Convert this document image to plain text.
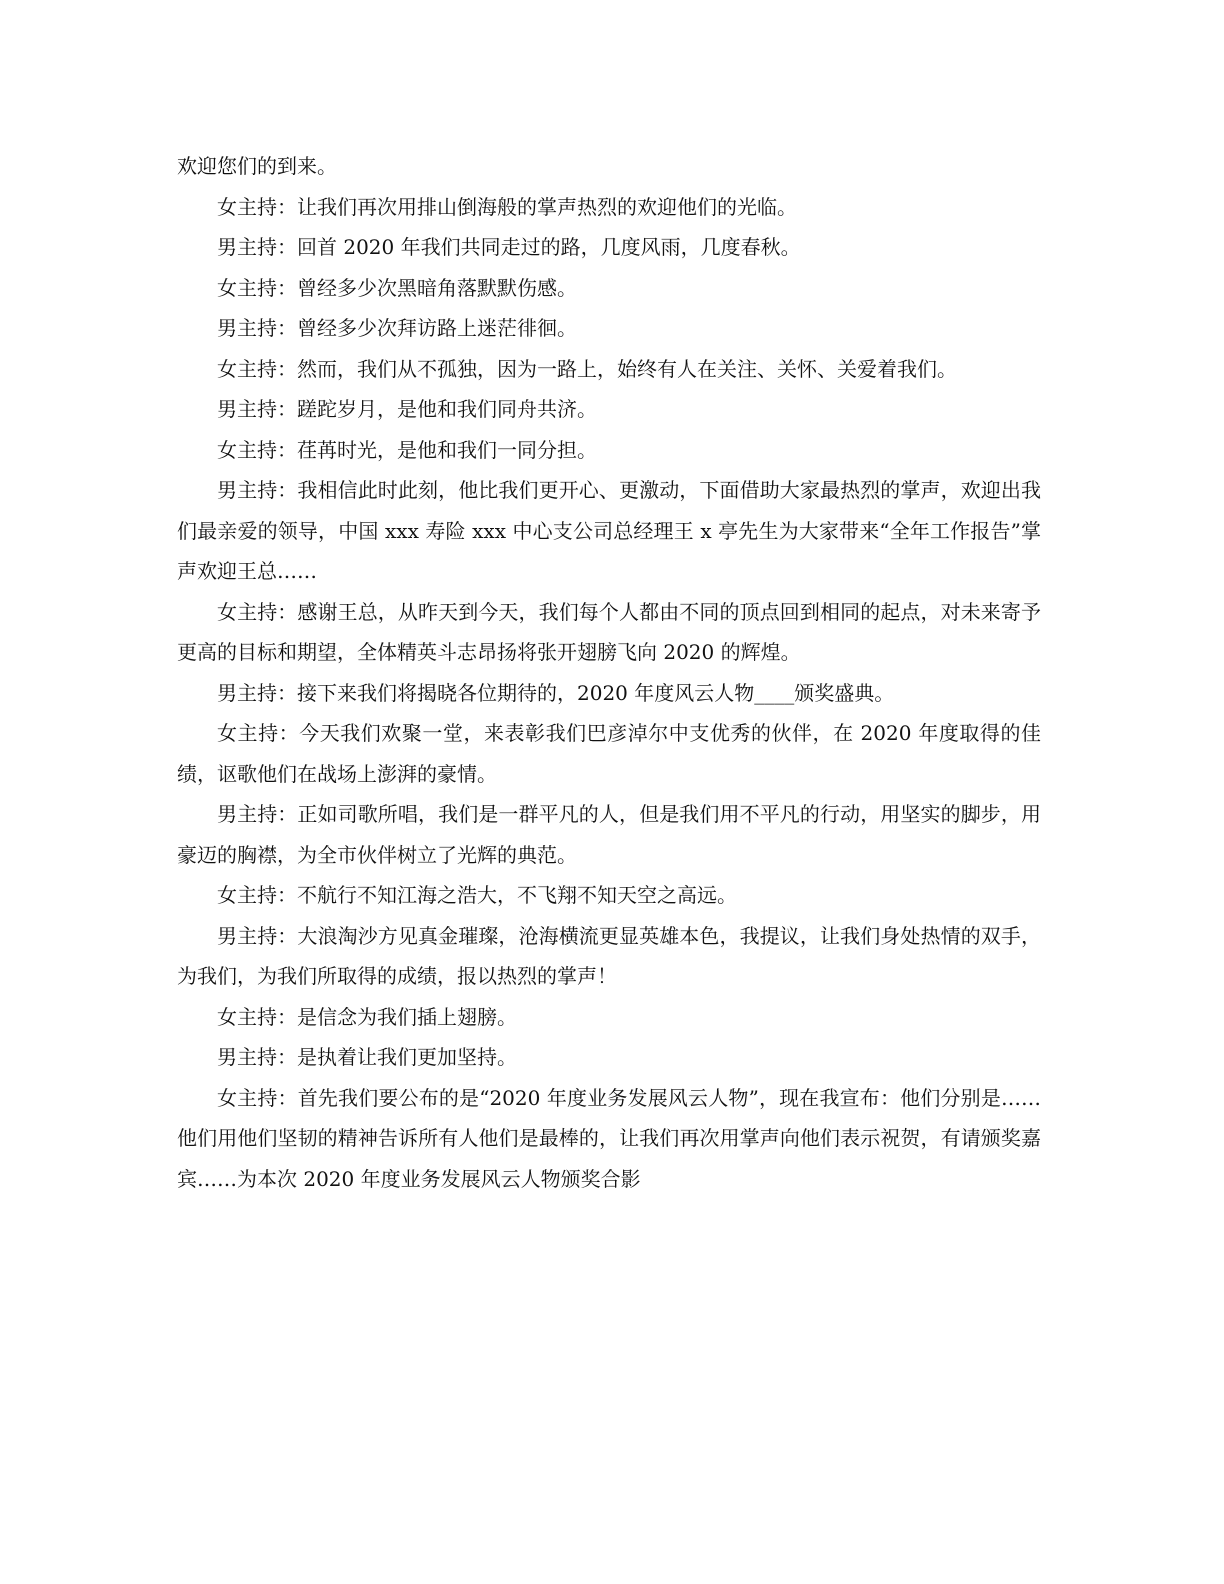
欢迎您们的到来。

女主持：让我们再次用排山倒海般的掌声热烈的欢迎他们的光临。

男主持：回首 2020 年我们共同走过的路，几度风雨，几度春秋。

女主持：曾经多少次黑暗角落默默伤感。

男主持：曾经多少次拜访路上迷茫徘徊。

女主持：然而，我们从不孤独，因为一路上，始终有人在关注、关怀、关爱着我们。

男主持：蹉跎岁月，是他和我们同舟共济。

女主持：荏苒时光，是他和我们一同分担。

男主持：我相信此时此刻，他比我们更开心、更激动，下面借助大家最热烈的掌声，欢迎出我们最亲爱的领导，中国 xxx 寿险 xxx 中心支公司总经理王 x 亭先生为大家带来“全年工作报告”掌声欢迎王总……

女主持：感谢王总，从昨天到今天，我们每个人都由不同的顶点回到相同的起点，对未来寄予更高的目标和期望，全体精英斗志昂扬将张开翅膀飞向 2020 的辉煌。

男主持：接下来我们将揭晓各位期待的，2020 年度风云人物____颁奖盛典。

女主持：今天我们欢聚一堂，来表彰我们巴彦淖尔中支优秀的伙伴，在 2020 年度取得的佳绩，讴歌他们在战场上澎湃的豪情。

男主持：正如司歌所唱，我们是一群平凡的人，但是我们用不平凡的行动，用坚实的脚步，用豪迈的胸襟，为全市伙伴树立了光辉的典范。

女主持：不航行不知江海之浩大，不飞翔不知天空之高远。

男主持：大浪淘沙方见真金璀璨，沧海横流更显英雄本色，我提议，让我们身处热情的双手，为我们，为我们所取得的成绩，报以热烈的掌声！

女主持：是信念为我们插上翅膀。

男主持：是执着让我们更加坚持。

女主持：首先我们要公布的是“2020 年度业务发展风云人物”，现在我宣布：他们分别是……他们用他们坚韧的精神告诉所有人他们是最棒的，让我们再次用掌声向他们表示祝贺，有请颁奖嘉宾……为本次 2020 年度业务发展风云人物颁奖合影
